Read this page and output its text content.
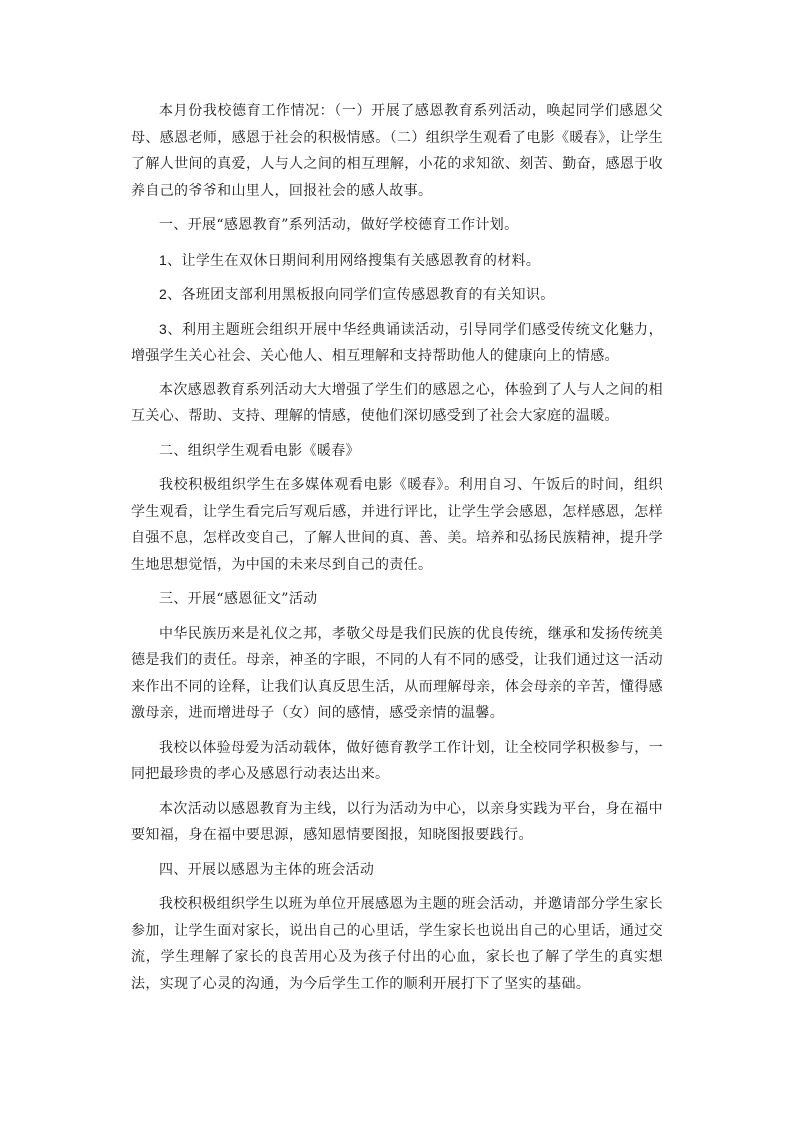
本月份我校德育工作情况：（一）开展了感恩教育系列活动，唤起同学们感恩父母、感恩老师，感恩于社会的积极情感。（二）组织学生观看了电影《暖春》，让学生了解人世间的真爱，人与人之间的相互理解，小花的求知欲、刻苦、勤奋，感恩于收养自己的爷爷和山里人，回报社会的感人故事。

一、开展“感恩教育”系列活动，做好学校德育工作计划。

1、让学生在双休日期间利用网络搜集有关感恩教育的材料。

2、各班团支部利用黑板报向同学们宣传感恩教育的有关知识。

3、利用主题班会组织开展中华经典诵读活动，引导同学们感受传统文化魅力，增强学生关心社会、关心他人、相互理解和支持帮助他人的健康向上的情感。

本次感恩教育系列活动大大增强了学生们的感恩之心，体验到了人与人之间的相互关心、帮助、支持、理解的情感，使他们深切感受到了社会大家庭的温暖。

二、组织学生观看电影《暖春》

我校积极组织学生在多媒体观看电影《暖春》。利用自习、午饭后的时间，组织学生观看，让学生看完后写观后感，并进行评比，让学生学会感恩，怎样感恩，怎样自强不息，怎样改变自己，了解人世间的真、善、美。培养和弘扬民族精神，提升学生地思想觉悟，为中国的未来尽到自己的责任。

三、开展“感恩征文”活动

中华民族历来是礼仪之邦，孝敬父母是我们民族的优良传统，继承和发扬传统美德是我们的责任。母亲，神圣的字眼，不同的人有不同的感受，让我们通过这一活动来作出不同的诠释，让我们认真反思生活，从而理解母亲，体会母亲的辛苦，懂得感激母亲，进而增进母子（女）间的感情，感受亲情的温馨。

我校以体验母爱为活动载体，做好德育教学工作计划，让全校同学积极参与，一同把最珍贵的孝心及感恩行动表达出来。

本次活动以感恩教育为主线，以行为活动为中心，以亲身实践为平台，身在福中要知福，身在福中要思源，感知恩情要图报，知晓图报要践行。

四、开展以感恩为主体的班会活动

我校积极组织学生以班为单位开展感恩为主题的班会活动，并邀请部分学生家长参加，让学生面对家长，说出自己的心里话，学生家长也说出自己的心里话，通过交流，学生理解了家长的良苦用心及为孩子付出的心血，家长也了解了学生的真实想法，实现了心灵的沟通，为今后学生工作的顺利开展打下了坚实的基础。
